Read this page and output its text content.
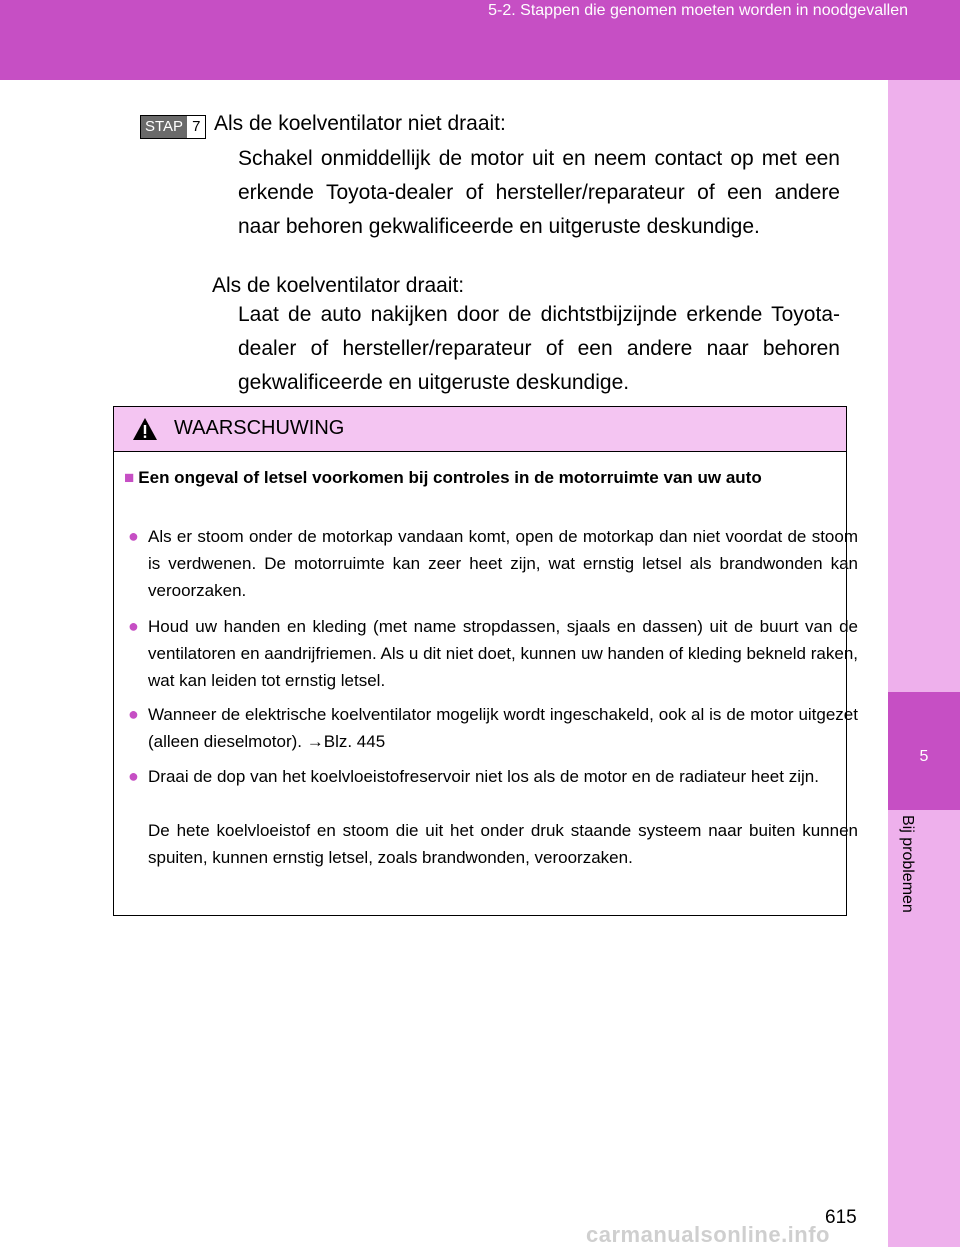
5-2. Stappen die genomen moeten worden in noodgevallen
5
Bij problemen
STAP 7 Als de koelventilator niet draait:
Schakel onmiddellijk de motor uit en neem contact op met een erkende Toyota-dealer of hersteller/reparateur of een andere naar behoren gekwalificeerde en uitgeruste deskundige.
Als de koelventilator draait:
Laat de auto nakijken door de dichtstbijzijnde erkende Toyota-dealer of hersteller/reparateur of een andere naar behoren gekwalificeerde en uitgeruste deskundige.
WAARSCHUWING
■ Een ongeval of letsel voorkomen bij controles in de motorruimte van uw auto
● Als er stoom onder de motorkap vandaan komt, open de motorkap dan niet voordat de stoom is verdwenen. De motorruimte kan zeer heet zijn, wat ernstig letsel als brandwonden kan veroorzaken.
● Houd uw handen en kleding (met name stropdassen, sjaals en dassen) uit de buurt van de ventilatoren en aandrijfriemen. Als u dit niet doet, kunnen uw handen of kleding bekneld raken, wat kan leiden tot ernstig letsel.
● Wanneer de elektrische koelventilator mogelijk wordt ingeschakeld, ook al is de motor uitgezet (alleen dieselmotor). →Blz. 445
● Draai de dop van het koelvloeistofreservoir niet los als de motor en de radiateur heet zijn.
De hete koelvloeistof en stoom die uit het onder druk staande systeem naar buiten kunnen spuiten, kunnen ernstig letsel, zoals brandwonden, veroorzaken.
615
carmanualsonline.info
